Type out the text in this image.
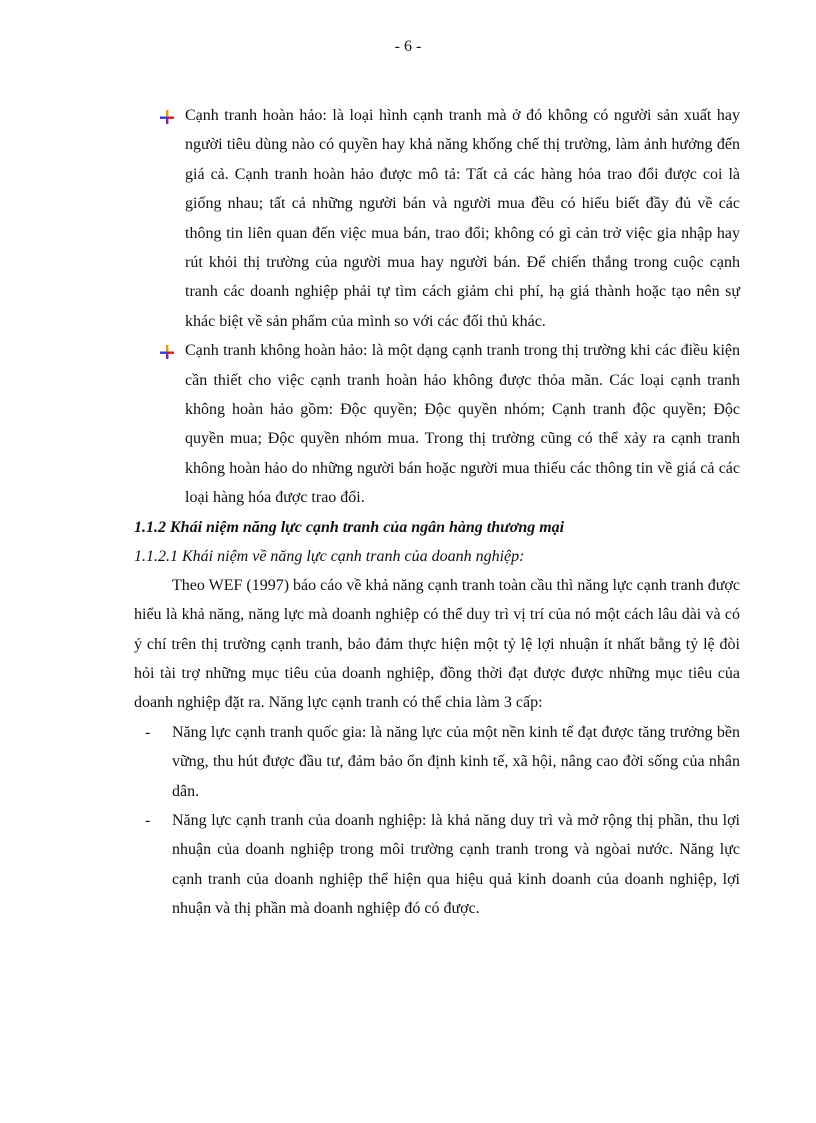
- 6 -

Cạnh tranh hoàn hảo: là loại hình cạnh tranh mà ở đó không có người sản xuất hay người tiêu dùng nào có quyền hay khả năng khống chế thị trường, làm ảnh hưởng đến giá cả. Cạnh tranh hoàn hảo được mô tả: Tất cả các hàng hóa trao đổi được coi là giống nhau; tất cả những người bán và người mua đều có hiểu biết đầy đủ về các thông tin liên quan đến việc mua bán, trao đổi; không có gì cản trở việc gia nhập hay rút khỏi thị trường của người mua hay người bán. Để chiến thắng trong cuộc cạnh tranh các doanh nghiệp phải tự tìm cách giảm chi phí, hạ giá thành hoặc tạo nên sự khác biệt về sản phẩm của mình so với các đối thủ khác.

Cạnh tranh không hoàn hảo: là một dạng cạnh tranh trong thị trường khi các điều kiện cần thiết cho việc cạnh tranh hoàn hảo không được thỏa mãn. Các loại cạnh tranh không hoàn hảo gồm: Độc quyền; Độc quyền nhóm; Cạnh tranh độc quyền; Độc quyền mua; Độc quyền nhóm mua. Trong thị trường cũng có thể xảy ra cạnh tranh không hoàn hảo do những người bán hoặc người mua thiếu các thông tin về giá cả các loại hàng hóa được trao đổi.

1.1.2 Khái niệm năng lực cạnh tranh của ngân hàng thương mại

1.1.2.1 Khái niệm về năng lực cạnh tranh của doanh nghiệp:

Theo WEF (1997) báo cáo về khả năng cạnh tranh toàn cầu thì năng lực cạnh tranh được hiểu là khả năng, năng lực mà doanh nghiệp có thể duy trì vị trí của nó một cách lâu dài và có ý chí trên thị trường cạnh tranh, bảo đảm thực hiện một tỷ lệ lợi nhuận ít nhất bằng tỷ lệ đòi hỏi tài trợ những mục tiêu của doanh nghiệp, đồng thời đạt được được những mục tiêu của doanh nghiệp đặt ra. Năng lực cạnh tranh có thể chia làm 3 cấp:

- Năng lực cạnh tranh quốc gia: là năng lực của một nền kinh tế đạt được tăng trưởng bền vững, thu hút được đầu tư, đảm bảo ổn định kinh tế, xã hội, nâng cao đời sống của nhân dân.

- Năng lực cạnh tranh của doanh nghiệp: là khả năng duy trì và mở rộng thị phần, thu lợi nhuận của doanh nghiệp trong môi trường cạnh tranh trong và ngòai nước. Năng lực cạnh tranh của doanh nghiệp thể hiện qua hiệu quả kinh doanh của doanh nghiệp, lợi nhuận và thị phần mà doanh nghiệp đó có được.
